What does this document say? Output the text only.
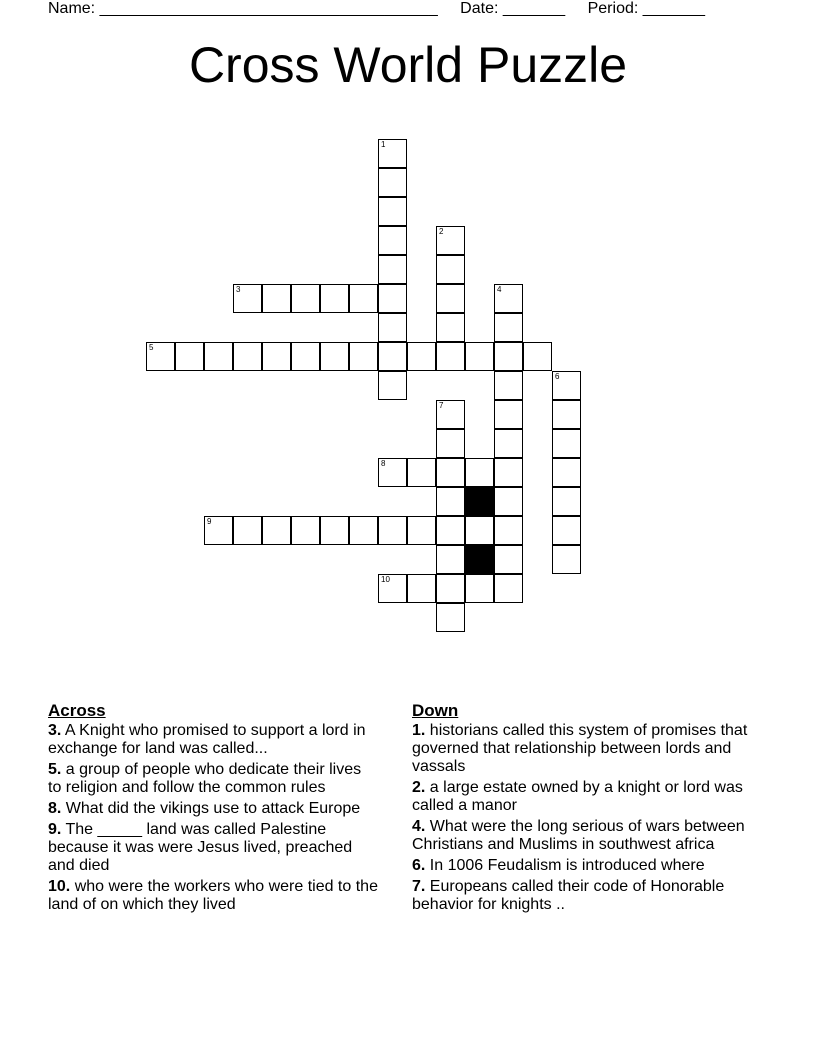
Name: ______________________________________ Date: _______ Period: _______
Cross World Puzzle
1
2
3	4
5
6
7
8
9
10
Across
3. A Knight who promised to support a lord in exchange for land was called...
5. a group of people who dedicate their lives to religion and follow the common rules
8. What did the vikings use to attack Europe
9. The _____ land was called Palestine because it was were Jesus lived, preached and died
10. who were the workers who were tied to the land of on which they lived
Down
1. historians called this system of promises that governed that relationship between lords and vassals
2. a large estate owned by a knight or lord was called a manor
4. What were the long serious of wars between Christians and Muslims in southwest africa
6. In 1006 Feudalism is introduced where
7. Europeans called their code of Honorable behavior for knights ..
